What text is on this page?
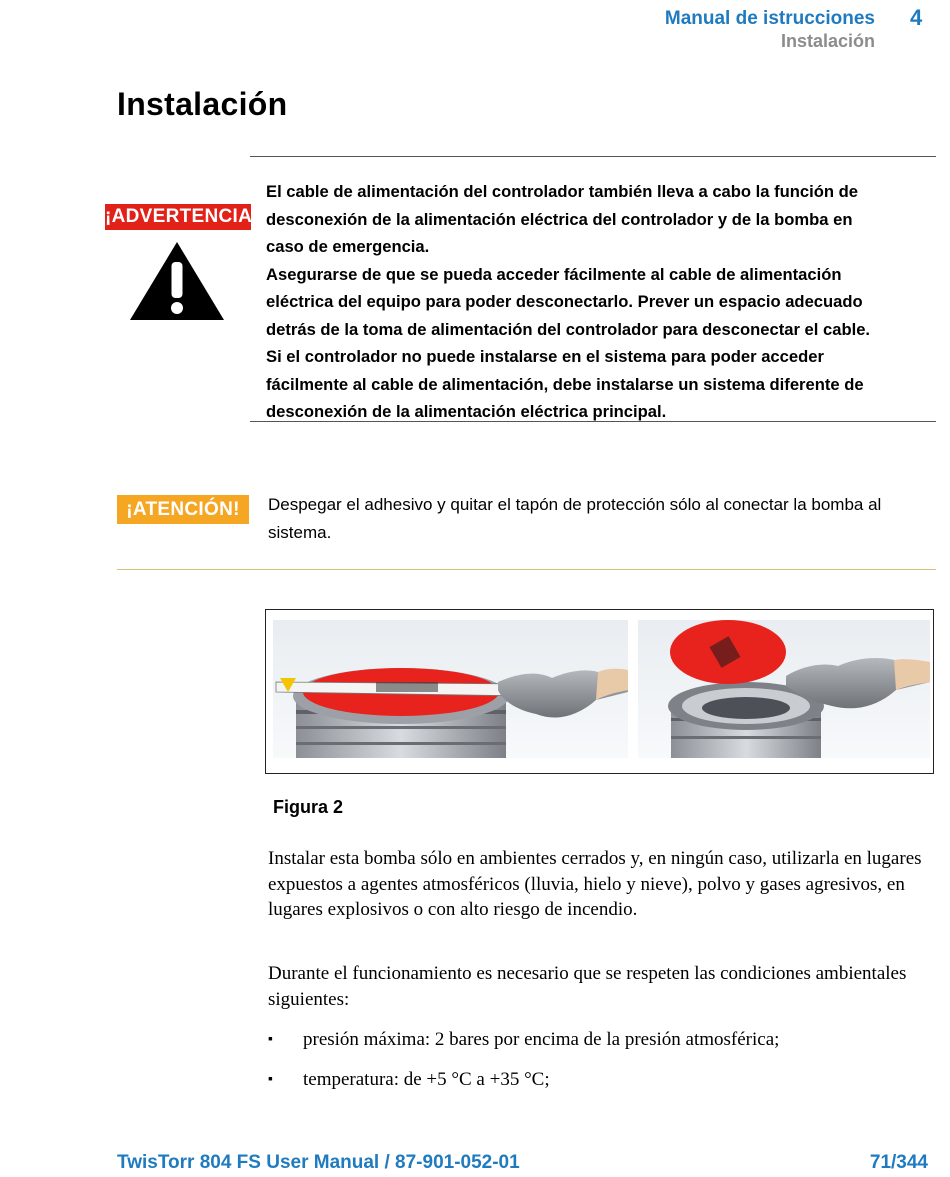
Manual de istrucciones
Instalación
4
Instalación
¡ADVERTENCIA!

El cable de alimentación del controlador también lleva a cabo la función de

desconexión de la alimentación eléctrica del controlador y de la bomba en

caso de emergencia.

Asegurarse de que se pueda acceder fácilmente al cable de alimentación

eléctrica del equipo para poder desconectarlo. Prever un espacio adecuado

detrás de la toma de alimentación del controlador para desconectar el cable.

Si el controlador no puede instalarse en el sistema para poder acceder

fácilmente al cable de alimentación, debe instalarse un sistema diferente de

desconexión de la alimentación eléctrica principal.

¡ATENCIÓN!	Despegar el adhesivo y quitar el tapón de protección sólo al conectar la bomba al sistema.
Figura 2
Instalar esta bomba sólo en ambientes cerrados y, en ningún caso, utilizarla en lugares expuestos a agentes atmosféricos (lluvia, hielo y nieve), polvo y gases agresivos, en lugares explosivos o con alto riesgo de incendio.
Durante el funcionamiento es necesario que se respeten las condiciones ambientales siguientes:
▪ presión máxima: 2 bares por encima de la presión atmosférica;
▪ temperatura: de +5 °C a +35 °C;
TwisTorr 804 FS User Manual / 87-901-052-01	71/344
